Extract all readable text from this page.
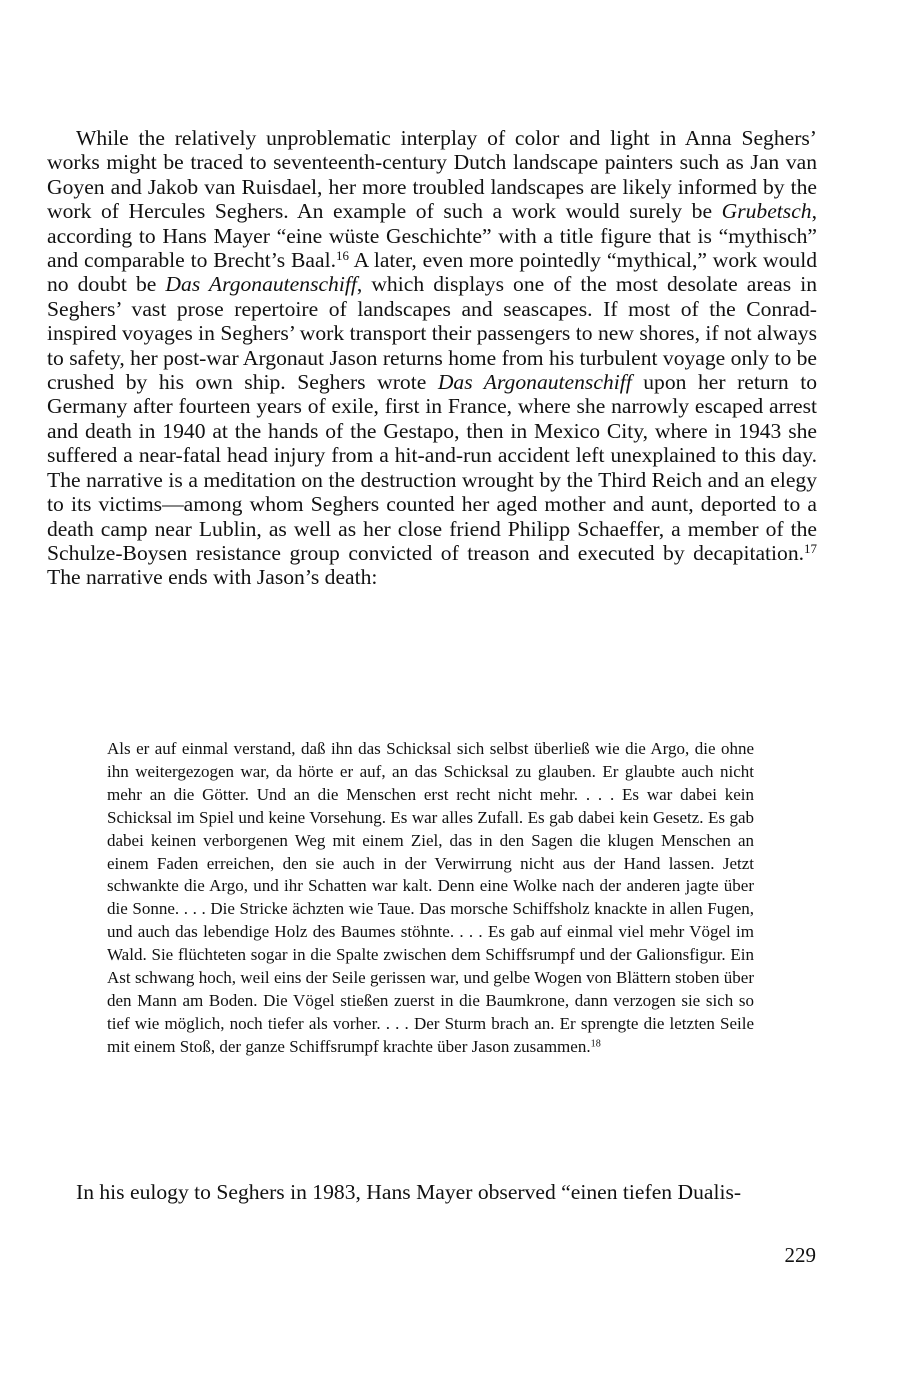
While the relatively unproblematic interplay of color and light in Anna Seghers’ works might be traced to seventeenth-century Dutch landscape painters such as Jan van Goyen and Jakob van Ruisdael, her more troubled landscapes are likely informed by the work of Hercules Seghers. An example of such a work would surely be Grubetsch, according to Hans Mayer “eine wüste Geschichte” with a title figure that is “mythisch” and comparable to Brecht’s Baal.$^{16}$ A later, even more pointedly “mythical,” work would no doubt be Das Argonautenschiff, which displays one of the most desolate areas in Seghers’ vast prose repertoire of landscapes and seascapes. If most of the Conrad-inspired voyages in Seghers’ work transport their passengers to new shores, if not always to safety, her post-war Argonaut Jason returns home from his turbulent voyage only to be crushed by his own ship. Seghers wrote Das Argonautenschiff upon her return to Germany after fourteen years of exile, first in France, where she narrowly escaped arrest and death in 1940 at the hands of the Gestapo, then in Mexico City, where in 1943 she suffered a near-fatal head injury from a hit-and-run accident left unexplained to this day. The narrative is a meditation on the destruction wrought by the Third Reich and an elegy to its victims—among whom Seghers counted her aged mother and aunt, deported to a death camp near Lublin, as well as her close friend Philipp Schaeffer, a member of the Schulze-Boysen resistance group convicted of treason and executed by decapitation.$^{17}$ The narrative ends with Jason’s death:

Als er auf einmal verstand, daß ihn das Schicksal sich selbst überließ wie die Argo, die ohne ihn weitergezogen war, da hörte er auf, an das Schicksal zu glauben. Er glaubte auch nicht mehr an die Götter. Und an die Menschen erst recht nicht mehr. . . . Es war dabei kein Schicksal im Spiel und keine Vorsehung. Es war alles Zufall. Es gab dabei kein Gesetz. Es gab dabei keinen verborgenen Weg mit einem Ziel, das in den Sagen die klugen Menschen an einem Faden erreichen, den sie auch in der Verwirrung nicht aus der Hand lassen. Jetzt schwankte die Argo, und ihr Schatten war kalt. Denn eine Wolke nach der anderen jagte über die Sonne. . . . Die Stricke ächzten wie Taue. Das morsche Schiffsholz knackte in allen Fugen, und auch das lebendige Holz des Baumes stöhnte. . . . Es gab auf einmal viel mehr Vögel im Wald. Sie flüchteten sogar in die Spalte zwischen dem Schiffsrumpf und der Galionsfigur. Ein Ast schwang hoch, weil eins der Seile gerissen war, und gelbe Wogen von Blättern stoben über den Mann am Boden. Die Vögel stießen zuerst in die Baumkrone, dann verzogen sie sich so tief wie möglich, noch tiefer als vorher. . . . Der Sturm brach an. Er sprengte die letzten Seile mit einem Stoß, der ganze Schiffsrumpf krachte über Jason zusammen.$^{18}$

In his eulogy to Seghers in 1983, Hans Mayer observed “einen tiefen Dualis-

229
